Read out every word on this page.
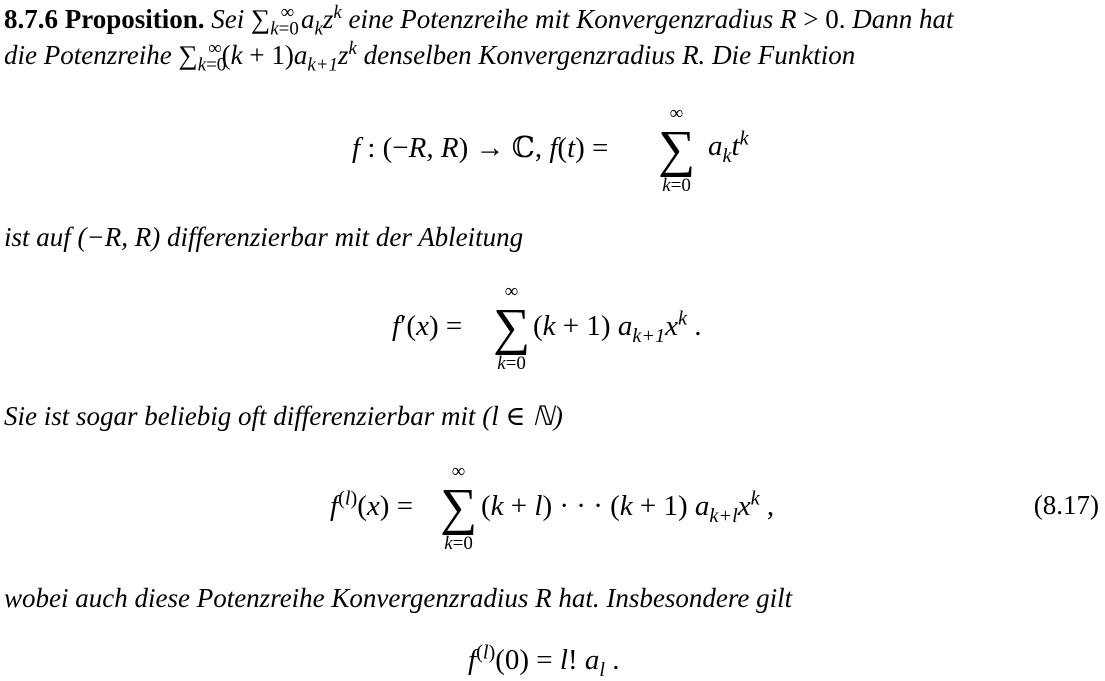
8.7.6 Proposition. Sei $\sum_{k=0}^\infty$ $a_kz^k$ eine Potenzreihe mit Konvergenzradius R > 0. Dann hat
die Potenzreihe $\sum_{k=0}^\infty(k + 1)a_{k+1}z^k$ denselben Konvergenzradius R. Die Funktion
f : (−R, R) → ℂ, f(t) =
∞
∑
k=0
$a_kt^k$
ist auf (−R, R) differenzierbar mit der Ableitung
f′(x) =
∞
∑
k=0
(k + 1) $a_{k+1}x^k$ .
Sie ist sogar beliebig oft differenzierbar mit (l ∈ ℕ)
$f^{(l)}(x)$ =
∞
∑
k=0
(k + l) · · · (k + 1) $a_{k+l}x^k$ ,	(8.17)
wobei auch diese Potenzreihe Konvergenzradius R hat. Insbesondere gilt
$f^{(l)}(0) = l$! $a_l$ .
